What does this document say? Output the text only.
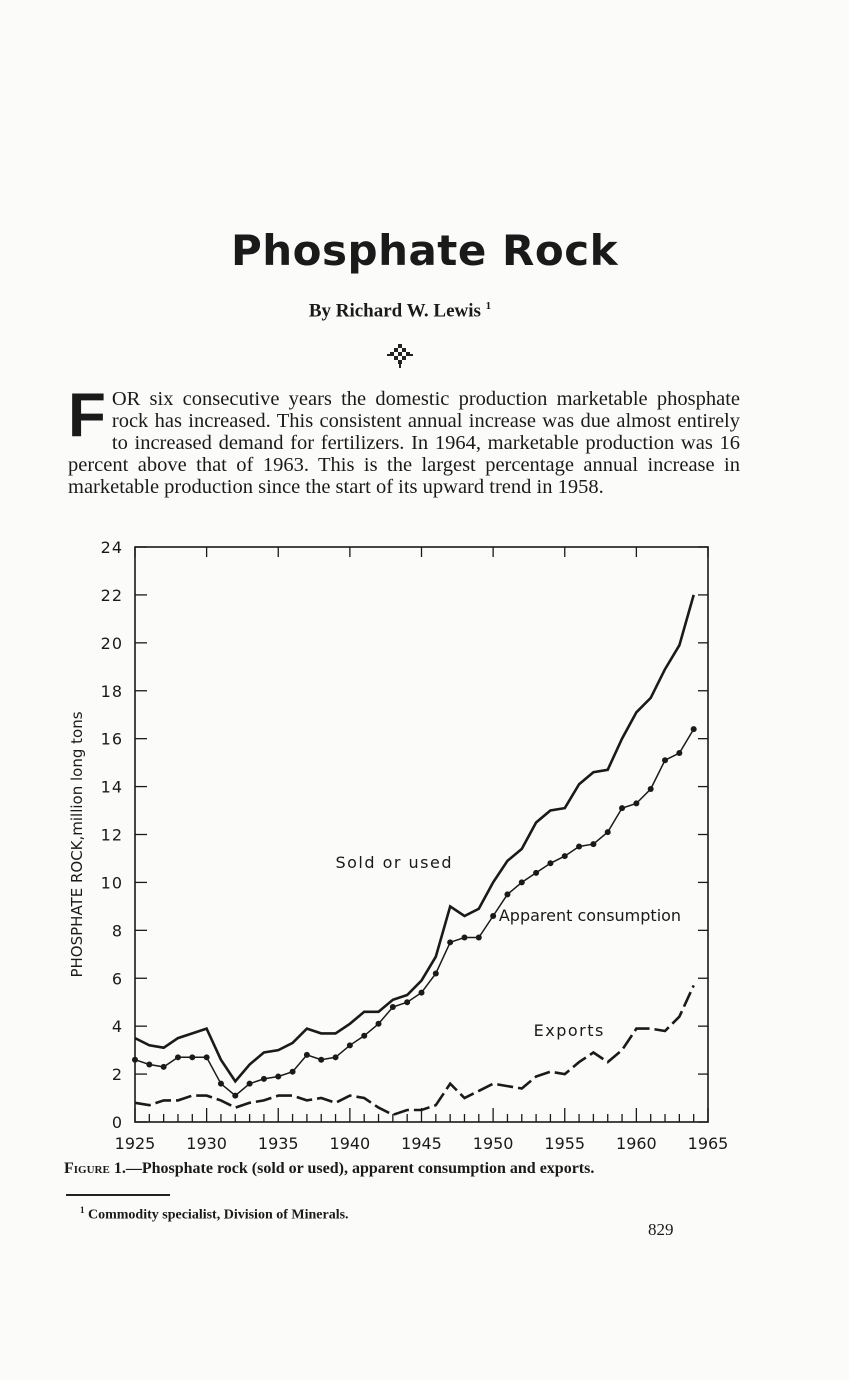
Phosphate Rock
By Richard W. Lewis $^1$

FOR six consecutive years the domestic production marketable phosphate rock has increased. This consistent annual increase was due almost entirely to increased demand for fertilizers. In 1964, marketable production was 16 percent above that of 1963. This is the largest percentage annual increase in marketable production since the start of its upward trend in 1958.

0
2
4
6
8
10
12
14
16
18
20
22
24
1925 1930 1935 1940 1945 1950 1955 1960 1965
PHOSPHATE ROCK,million long tons	Sold or used
Apparent consumption
Exports
Figure 1.—Phosphate rock (sold or used), apparent consumption and exports.
$^1$ Commodity specialist, Division of Minerals.
829
